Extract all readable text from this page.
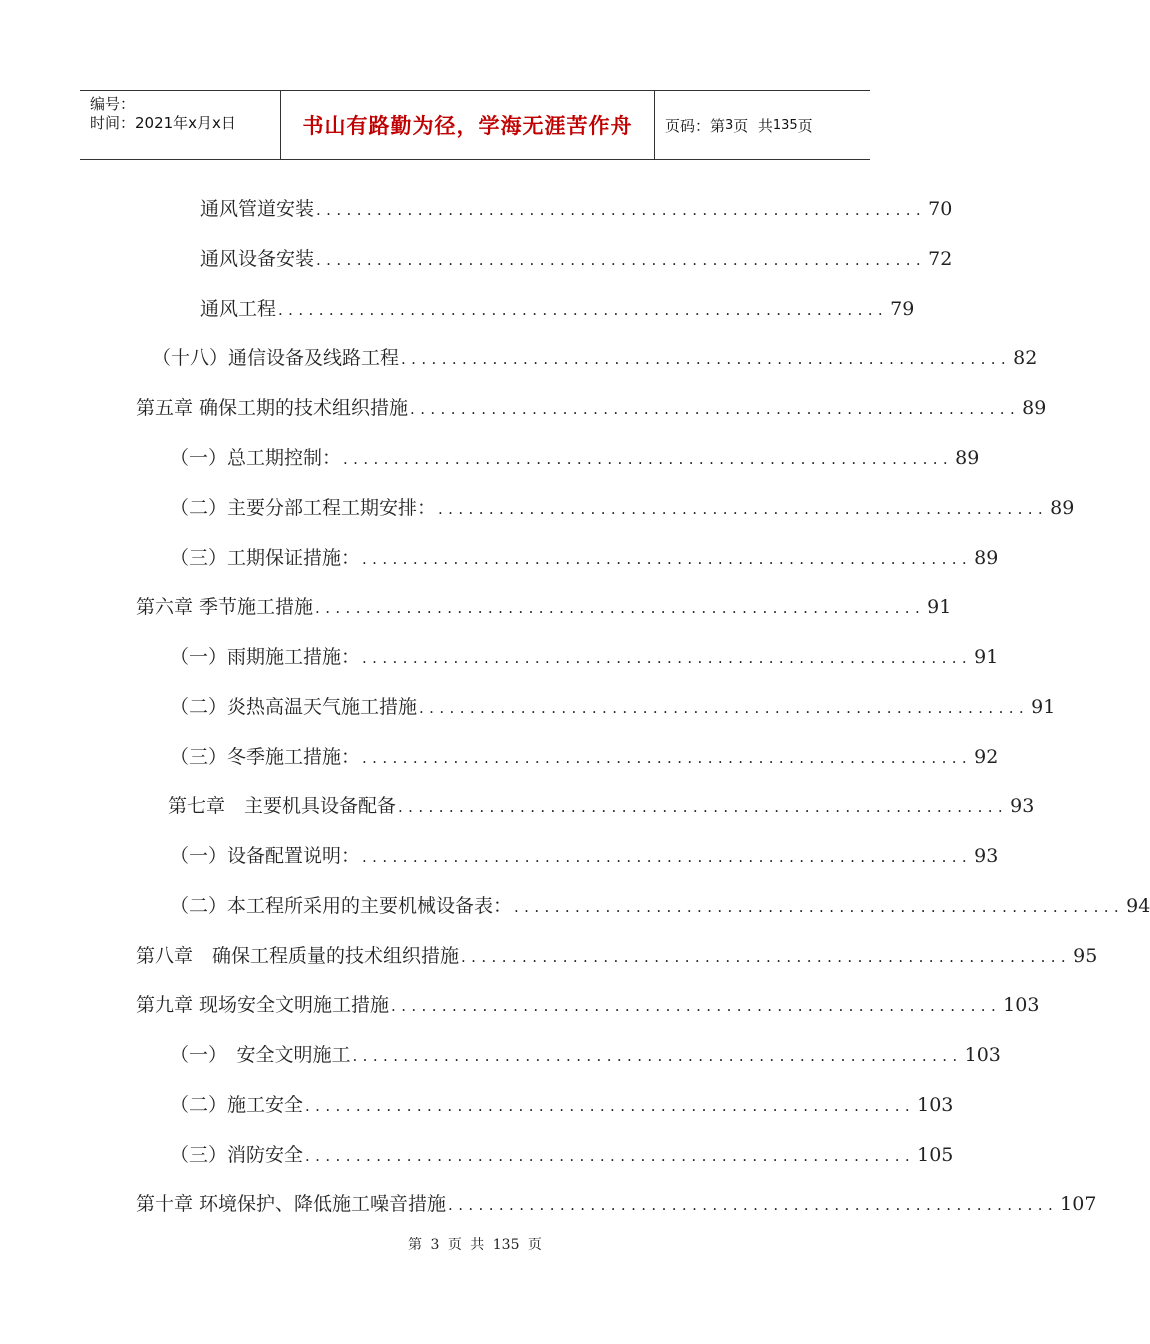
编号：
时间：2021年x月x日	书山有路勤为径，学海无涯苦作舟 页码：第 3 页  共 135 页
通风管道安装 ............................................................ 70
通风设备安装 ............................................................ 72
通风工程 ............................................................ 79
（十八）通信设备及线路工程 ............................................................ 82
第五章 确保工期的技术组织措施 ............................................................ 89
（一）总工期控制： ............................................................ 89
（二）主要分部工程工期安排： ............................................................ 89
（三）工期保证措施： ............................................................ 89
第六章 季节施工措施 ............................................................ 91
（一）雨期施工措施： ............................................................ 91
（二）炎热高温天气施工措施 ............................................................ 91
（三）冬季施工措施： ............................................................ 92
第七章　主要机具设备配备 ............................................................ 93
（一）设备配置说明： ............................................................ 93
（二）本工程所采用的主要机械设备表： ............................................................ 94
第八章　确保工程质量的技术组织措施 ............................................................ 95
第九章 现场安全文明施工措施 ............................................................ 103
（一）　安全文明施工 ............................................................ 103
（二）施工安全 ............................................................ 103
（三）消防安全 ............................................................ 105
第十章 环境保护、降低施工噪音措施 ............................................................ 107
第 3 页 共 135 页
